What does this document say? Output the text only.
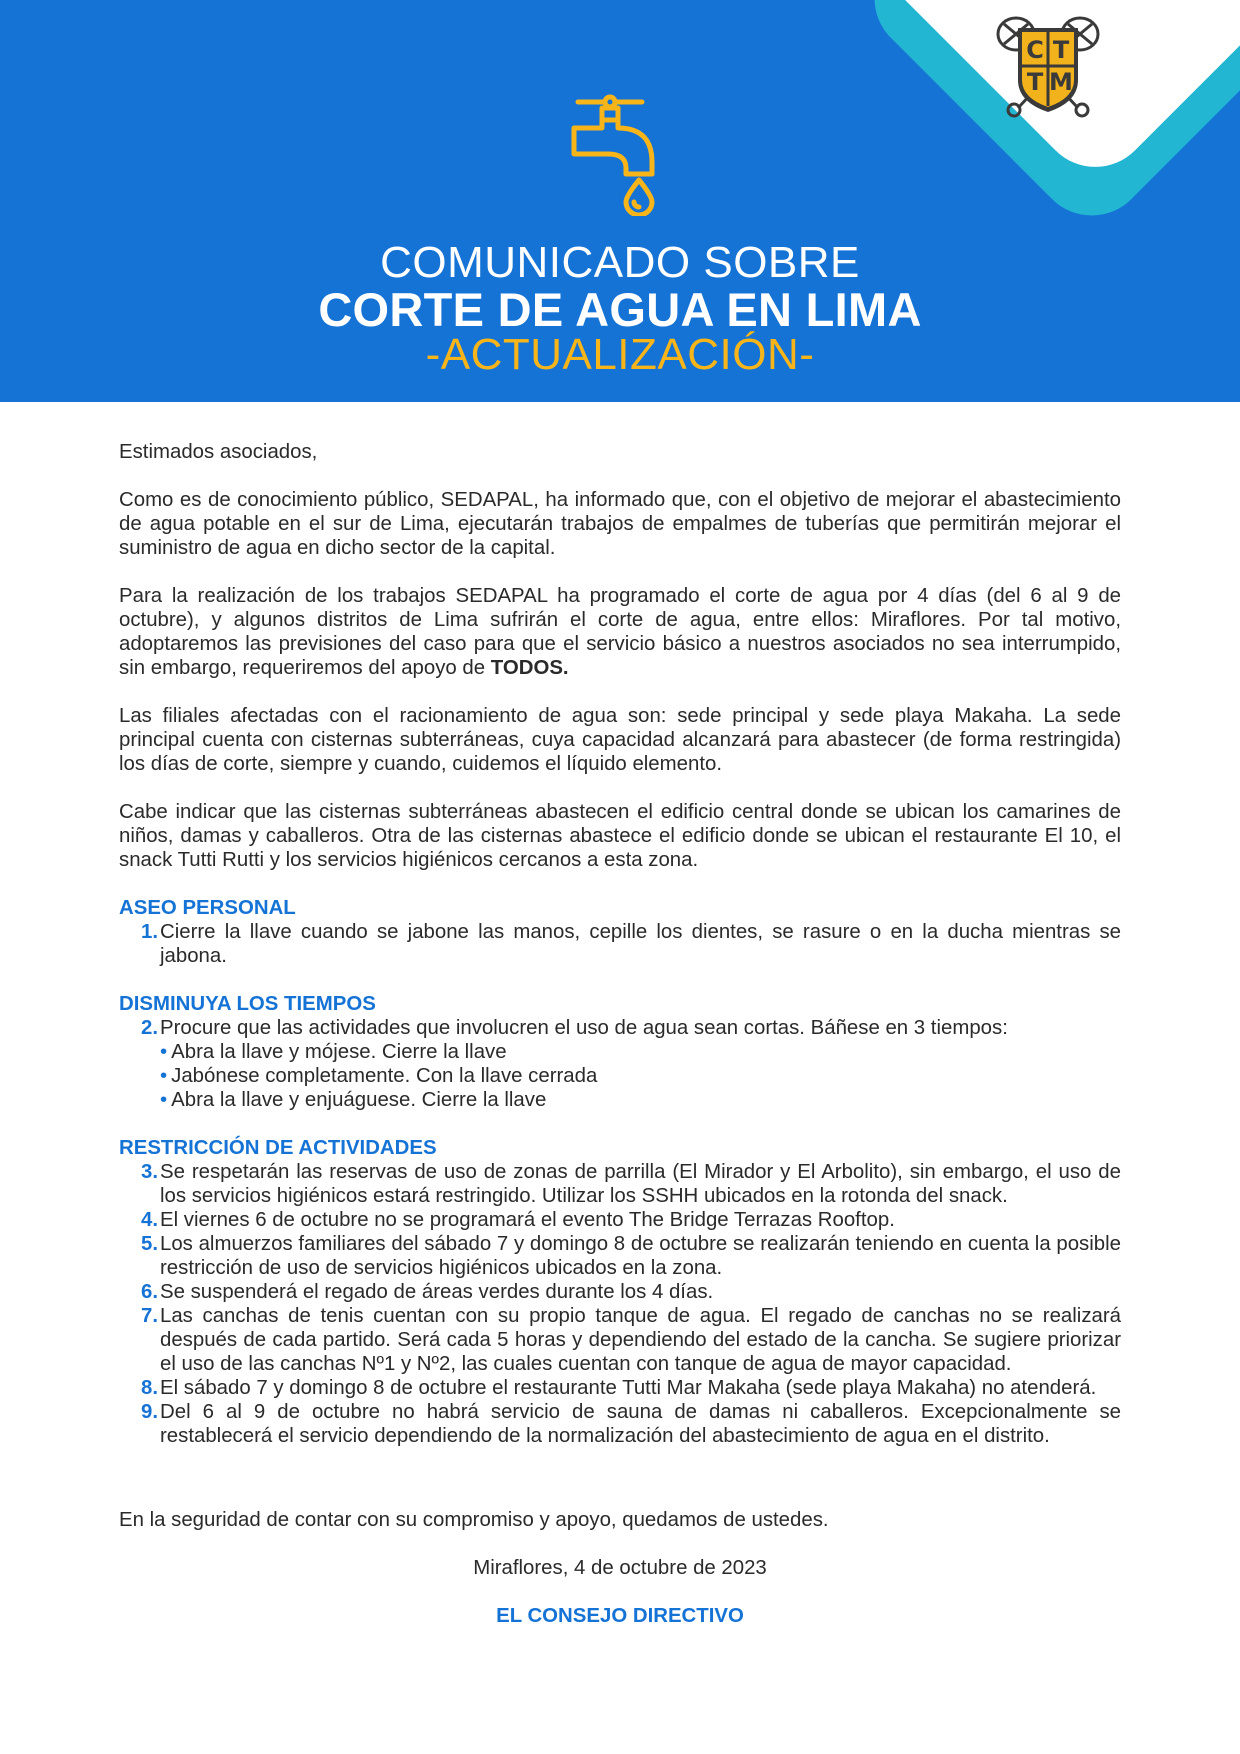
C T
T M
COMUNICADO SOBRE
CORTE DE AGUA EN LIMA
-ACTUALIZACIÓN-

Estimados asociados,

Como es de conocimiento público, SEDAPAL, ha informado que, con el objetivo de mejorar el abastecimiento de agua potable en el sur de Lima, ejecutarán trabajos de empalmes de tuberías que permitirán mejorar el suministro de agua en dicho sector de la capital.

Para la realización de los trabajos SEDAPAL ha programado el corte de agua por 4 días (del 6 al 9 de octubre), y algunos distritos de Lima sufrirán el corte de agua, entre ellos: Miraflores. Por tal motivo, adoptaremos las previsiones del caso para que el servicio básico a nuestros asociados no sea interrumpido, sin embargo, requeriremos del apoyo de TODOS.

Las filiales afectadas con el racionamiento de agua son: sede principal y sede playa Makaha. La sede principal cuenta con cisternas subterráneas, cuya capacidad alcanzará para abastecer (de forma restringida) los días de corte, siempre y cuando, cuidemos el líquido elemento.

Cabe indicar que las cisternas subterráneas abastecen el edificio central donde se ubican los camarines de niños, damas y caballeros. Otra de las cisternas abastece el edificio donde se ubican el restaurante El 10, el snack Tutti Rutti y los servicios higiénicos cercanos a esta zona.

ASEO PERSONAL
1. Cierre la llave cuando se jabone las manos, cepille los dientes, se rasure o en la ducha mientras se jabona.
DISMINUYA LOS TIEMPOS
2. Procure que las actividades que involucren el uso de agua sean cortas. Báñese en 3 tiempos:
• Abra la llave y mójese. Cierre la llave
• Jabónese completamente. Con la llave cerrada
• Abra la llave y enjuáguese. Cierre la llave
RESTRICCIÓN DE ACTIVIDADES
3. Se respetarán las reservas de uso de zonas de parrilla (El Mirador y El Arbolito), sin embargo, el uso de los servicios higiénicos estará restringido. Utilizar los SSHH ubicados en la rotonda del snack.
4. El viernes 6 de octubre no se programará el evento The Bridge Terrazas Rooftop.
5. Los almuerzos familiares del sábado 7 y domingo 8 de octubre se realizarán teniendo en cuenta la posible restricción de uso de servicios higiénicos ubicados en la zona.
6. Se suspenderá el regado de áreas verdes durante los 4 días.
7. Las canchas de tenis cuentan con su propio tanque de agua. El regado de canchas no se realizará después de cada partido. Será cada 5 horas y dependiendo del estado de la cancha. Se sugiere priorizar el uso de las canchas Nº1 y Nº2, las cuales cuentan con tanque de agua de mayor capacidad.
8. El sábado 7 y domingo 8 de octubre el restaurante Tutti Mar Makaha (sede playa Makaha) no atenderá.
9. Del 6 al 9 de octubre no habrá servicio de sauna de damas ni caballeros. Excepcionalmente se restablecerá el servicio dependiendo de la normalización del abastecimiento de agua en el distrito.

En la seguridad de contar con su compromiso y apoyo, quedamos de ustedes.

Miraflores, 4 de octubre de 2023

EL CONSEJO DIRECTIVO
